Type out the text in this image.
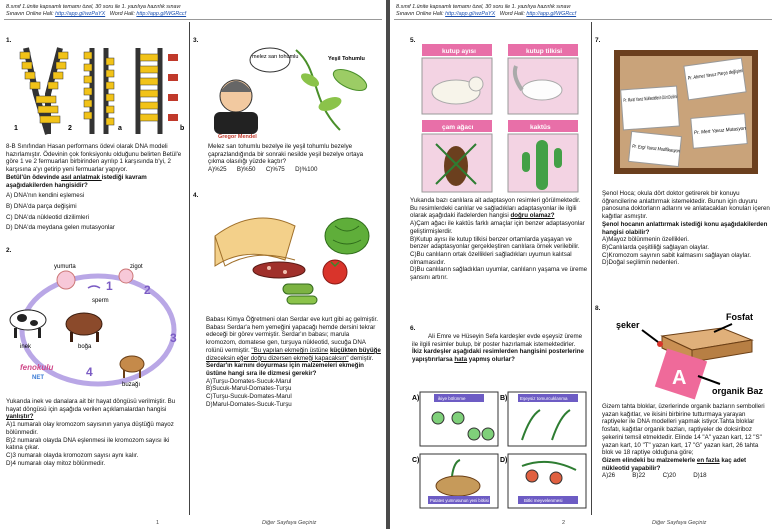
8.sınıf 1.ünite kapsamlı temamı özel, 30 soru ile 1. yazılıya hazırlık sınavı
Sınavın Online Hali: http://app.gl/wzPaYX Word Hali: http://app.gl/WGRccf
1.
1	2	a	b

8-B Sınıfından Hasan performans ödevi olarak DNA modeli hazırlamıştır. Ödevinin çok fonksiyonlu olduğunu belirten Betül'e göre 1 ve 2 fermuarları birbirinden ayrılıp 1 karşısında b'yi, 2 karşısına a'yı getirip yeni fermuarlar yapıyor.

Betül'ün ödevinde asıl anlatmak istediği kavram aşağıdakilerden hangisidir?

A) DNA'nın kendini eşlemesi

B) DNA'da parça değişimi

C) DNA'da nükleotid dizilimleri

D) DNA'da meydana gelen mutasyonlar

2.
yumurta	zigot
sperm
inek	boğa
buzağı
1	2
3
4
fenokulu
NET

Yukarıda inek ve danalara ait bir hayat döngüsü verilmiştir. Bu hayat döngüsü için aşağıda verilen açıklamalardan hangisi
yanlıştır?

A)1 numaralı olay kromozom sayısının yarıya düştüğü mayoz bölünmedir.

B)2 numaralı olayda DNA eşlenmesi ile kromozom sayısı iki katına çıkar.

C)3 numaralı olayda kromozom sayısı aynı kalır.

D)4 numaralı olay mitoz bölünmedir.

3.
melez sarı tohumlu
Gregor Mendel
Yeşil Tohumlu

Melez sarı tohumlu bezelye ile yeşil tohumlu bezelye çaprazlandığında bir sonraki nesilde yeşil bezelye ortaya çıkma olasılığı yüzde kaçtır?

A)%25 B)%50 C)%75 D)%100

4.

Babası Kimya Öğretmeni olan Serdar eve kurt gibi aç gelmiştir. Babası Serdar'a hem yemeğini yapacağı hemde dersini tekrar edeceği bir görev vermiştir. Serdar'ın babası; marula kromozom, domatese gen, turşuya nükleotid, sucuğa DNA rolünü vermiştir. "Bu yapılan ekmeğin üstüne küçükten büyüğe dizeceksin eğer doğru dizersen ekmeği kapacaksın" demiştir.

Serdar'ın karnını doyurması için malzemeleri ekmeğin üstüne hangi sıra ile dizmesi gerekir?

A)Turşu-Domates-Sucuk-Marul

B)Sucuk-Marul-Domates-Turşu

C)Turşu-Sucuk-Domates-Marul

D)Marul-Domates-Sucuk-Turşu

1	Diğer Sayfaya Geçiniz
8.sınıf 1.ünite kapsamlı temamı özel, 30 soru ile 1. yazılıya hazırlık sınavı
Sınavın Online Hali: http://app.gl/wzPaYX Word Hali: http://app.gl/WGRccf
5.
kutup ayısı	kutup tilkisi
çam ağacı	kaktüs

Yukarıda bazı canlılara ait adaptasyon resimleri görülmektedir. Bu resimlerdeki canlılar ve sağladıkları adaptasyonlar ile ilgili olarak aşağıdaki ifadelerden hangisi doğru olamaz?

A)Çam ağacı ile kaktüs farklı amaçlar için benzer adaptasyonlar geliştirmişlerdir.

B)Kutup ayısı ile kutup tilkisi benzer ortamlarda yaşayan ve benzer adaptasyonlar gerçekleştiren canlılara örnek verilebilir.

C)Bu canlıların ortak özellikleri sağladıkları uyumun kalıtsal olmamasıdır.

D)Bu canlıların sağladıkları uyumlar, canlıların yaşama ve üreme şansını artırır.

6.

Ali Emre ve Hüseyin Sefa kardeşler evde eşeysiz üreme ile ilgili resimler bulup, bir poster hazırlamak istemektedirler.

İkiz kardeşler aşağıdaki resimlerden hangisini posterlerine yapıştırırlarsa hata yapmış olurlar?

A)	B)
C)	D)
ikiye bölünme	Eşeysiz tomurcuklanma
Patates yumrusunun yeni bitkisi	Bitki meyvelenmesi
7.
Pr. Murat Yavuz Nükleotidlerin Dört Dizilimi
Pr. Ahmet Yavuz Parça değişimi
Pr. Ezgi Yavuz Modifikasyon
Pr. Mert Yavuz Mutasyon

Şenol Hoca; okula dört doktor getirerek bir konuyu öğrencilerine anlattırmak istemektedir. Bunun için duyuru panosuna doktorların adlarını ve anlatacakları konuları içeren kağıtlar asmıştır.

Şenol hocanın anlattırmak istediği konu aşağıdakilerden hangisi olabilir?

A)Mayoz bölünmenin özellikleri.

B)Canlılarda çeşitliliği sağlayan olaylar.

C)Kromozom sayının sabit kalmasını sağlayan olaylar.

D)Doğal seçilimin nedenleri.

8.
A
şeker
Fosfat
organik Baz

Gizem tahta bloklar, üzerlerinde organik bazların sembolleri yazan kağıtlar, ve ikisini birbirine tutturmaya yarayan raptiyeler ile DNA modelleri yapmak istiyor.Tahta bloklar fosfatı, kağıtlar organik bazları, raptiyeler de doksiriboz şekerini temsil etmektedir. Elinde 14 "A" yazan kart, 12 "S" yazan kart, 10 "T" yazan kart, 17 "G" yazan kart, 26 tahta blok ve 18 raptiye olduğuna göre;

Gizem elindeki bu malzemelerle en fazla kaç adet nükleotid yapabilir?

A)26	B)22	C)20	D)18

2	Diğer Sayfaya Geçiniz
